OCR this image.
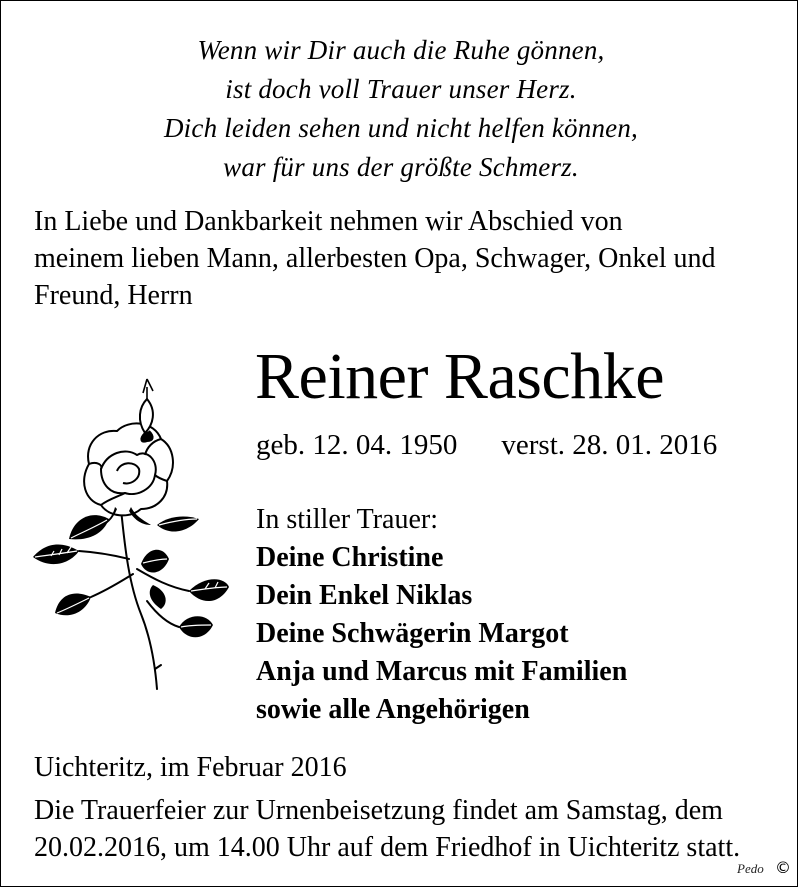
Wenn wir Dir auch die Ruhe gönnen,
ist doch voll Trauer unser Herz.
Dich leiden sehen und nicht helfen können,
war für uns der größte Schmerz.
In Liebe und Dankbarkeit nehmen wir Abschied von
meinem lieben Mann, allerbesten Opa, Schwager, Onkel und
Freund, Herrn
Reiner Raschke
geb. 12. 04. 1950 verst. 28. 01. 2016
In stiller Trauer:
Deine Christine
Dein Enkel Niklas
Deine Schwägerin Margot
Anja und Marcus mit Familien
sowie alle Angehörigen
Uichteritz, im Februar 2016
Die Trauerfeier zur Urnenbeisetzung findet am Samstag, dem
20.02.2016, um 14.00 Uhr auf dem Friedhof in Uichteritz statt.
Pedo ©
